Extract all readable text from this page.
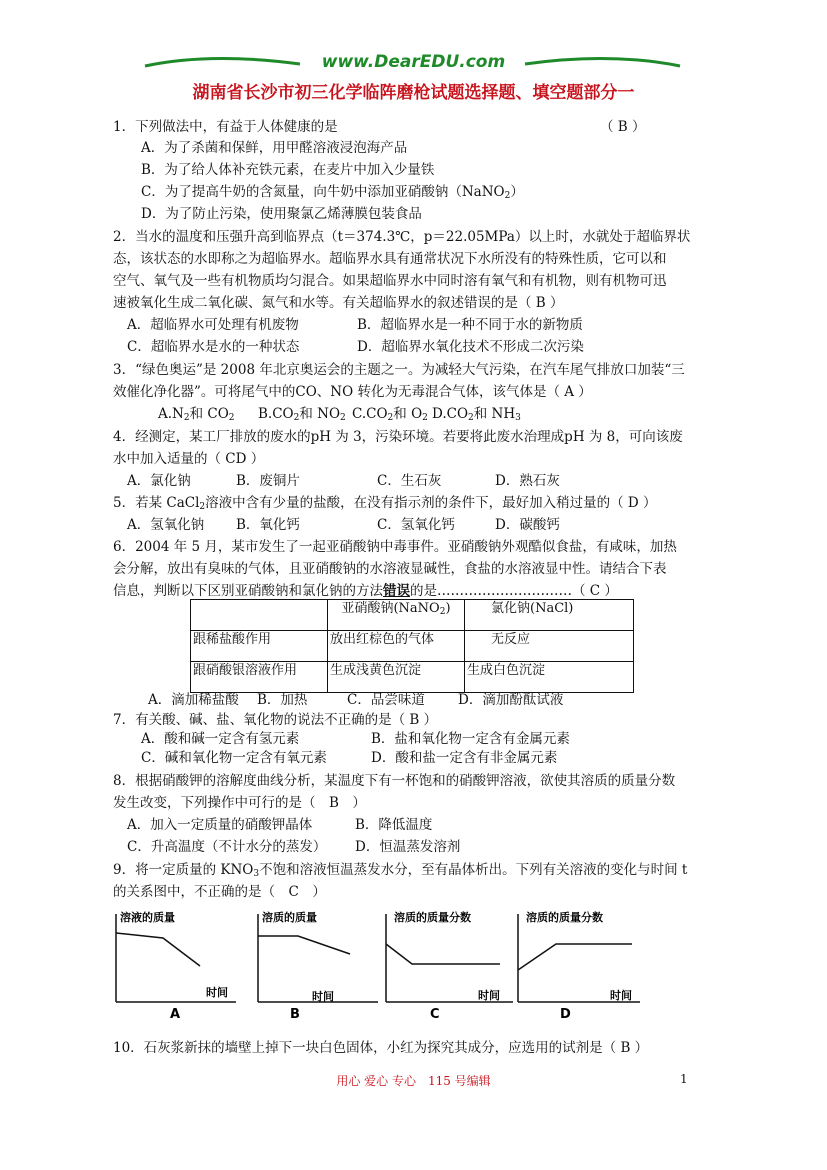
www.DearEDU.com
湖南省长沙市初三化学临阵磨枪试题选择题、填空题部分一
1．下列做法中，有益于人体健康的是	（ B ）
A．为了杀菌和保鲜，用甲醛溶液浸泡海产品
B．为了给人体补充铁元素，在麦片中加入少量铁
C．为了提高牛奶的含氮量，向牛奶中添加亚硝酸钠（NaNO$_2$）
D．为了防止污染，使用聚氯乙烯薄膜包装食品
2．当水的温度和压强升高到临界点（t＝374.3℃，p＝22.05MPa）以上时，水就处于超临界状
态，该状态的水即称之为超临界水。超临界水具有通常状况下水所没有的特殊性质，它可以和
空气、氧气及一些有机物质均匀混合。如果超临界水中同时溶有氧气和有机物，则有机物可迅
速被氧化生成二氧化碳、氮气和水等。有关超临界水的叙述错误的是（ B ）
A．超临界水可处理有机废物	B．超临界水是一种不同于水的新物质
C．超临界水是水的一种状态	D．超临界水氧化技术不形成二次污染
3．“绿色奥运”是 2008 年北京奥运会的主题之一。为减轻大气污染，在汽车尾气排放口加装“三
效催化净化器”。可将尾气中的CO、NO 转化为无毒混合气体，该气体是（ A ）
$A.N_2$和 $CO_2$ $B.CO_2$和 $NO_2$ $C.CO_2$和 $O_2$ $D.CO_2$和 $NH_3$
4．经测定，某工厂排放的废水的pH 为 3，污染环境。若要将此废水治理成pH 为 8，可向该废
水中加入适量的（ CD ）
A．氯化钠	B．废铜片	C．生石灰	D．熟石灰
5．若某 CaCl$_2$溶液中含有少量的盐酸，在没有指示剂的条件下，最好加入稍过量的（ D ）
A．氢氧化钠 B．氧化钙	C．氢氧化钙	D．碳酸钙
6．2004 年 5 月，某市发生了一起亚硝酸钠中毒事件。亚硝酸钠外观酷似食盐，有咸味，加热
会分解，放出有臭味的气体，且亚硝酸钠的水溶液显碱性，食盐的水溶液显中性。请结合下表
信息，判断以下区别亚硝酸钠和氯化钠的方法错误的是…………………………（ C ）
	亚硝酸钠(NaNO$_2$)	氯化钠(NaCl)
跟稀盐酸作用	放出红棕色的气体	无反应
跟硝酸银溶液作用	生成浅黄色沉淀	生成白色沉淀
A．滴加稀盐酸 B．加热	C．品尝味道 D．滴加酚酞试液
7．有关酸、碱、盐、氧化物的说法不正确的是（ B ）
A．酸和碱一定含有氢元素	B．盐和氧化物一定含有金属元素
C．碱和氧化物一定含有氧元素	D．酸和盐一定含有非金属元素
8．根据硝酸钾的溶解度曲线分析，某温度下有一杯饱和的硝酸钾溶液，欲使其溶质的质量分数
发生改变，下列操作中可行的是（　B　）
A．加入一定质量的硝酸钾晶体	B．降低温度
C．升高温度（不计水分的蒸发） D．恒温蒸发溶剂
9．将一定质量的 $KNO_3$不饱和溶液恒温蒸发水分，至有晶体析出。下列有关溶液的变化与时间 t
的关系图中，不正确的是（　C　）
溶液的质量
时间
A
溶质的质量
时间
B
溶质的质量分数
时间
C
溶质的质量分数
时间
D
10．石灰浆新抹的墙壁上掉下一块白色固体，小红为探究其成分，应选用的试剂是（ B ）
用心 爱心 专心　115 号编辑	1
